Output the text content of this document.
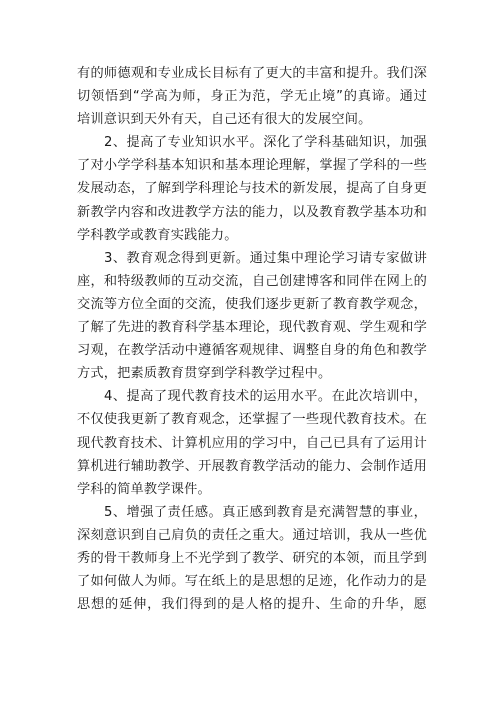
有的师德观和专业成长目标有了更大的丰富和提升。我们深
切领悟到“学高为师，身正为范，学无止境”的真谛。通过
培训意识到天外有天，自己还有很大的发展空间。
2、提高了专业知识水平。深化了学科基础知识，加强
了对小学学科基本知识和基本理论理解，掌握了学科的一些
发展动态，了解到学科理论与技术的新发展，提高了自身更
新教学内容和改进教学方法的能力，以及教育教学基本功和
学科教学或教育实践能力。
3、教育观念得到更新。通过集中理论学习请专家做讲
座，和特级教师的互动交流，自己创建博客和同伴在网上的
交流等方位全面的交流，使我们逐步更新了教育教学观念，
了解了先进的教育科学基本理论，现代教育观、学生观和学
习观，在教学活动中遵循客观规律、调整自身的角色和教学
方式，把素质教育贯穿到学科教学过程中。
4、提高了现代教育技术的运用水平。在此次培训中，
不仅使我更新了教育观念，还掌握了一些现代教育技术。在
现代教育技术、计算机应用的学习中，自己已具有了运用计
算机进行辅助教学、开展教育教学活动的能力、会制作适用
学科的简单教学课件。
5、增强了责任感。真正感到教育是充满智慧的事业，
深刻意识到自己肩负的责任之重大。通过培训，我从一些优
秀的骨干教师身上不光学到了教学、研究的本领，而且学到
了如何做人为师。写在纸上的是思想的足迹，化作动力的是
思想的延伸，我们得到的是人格的提升、生命的升华，愿
